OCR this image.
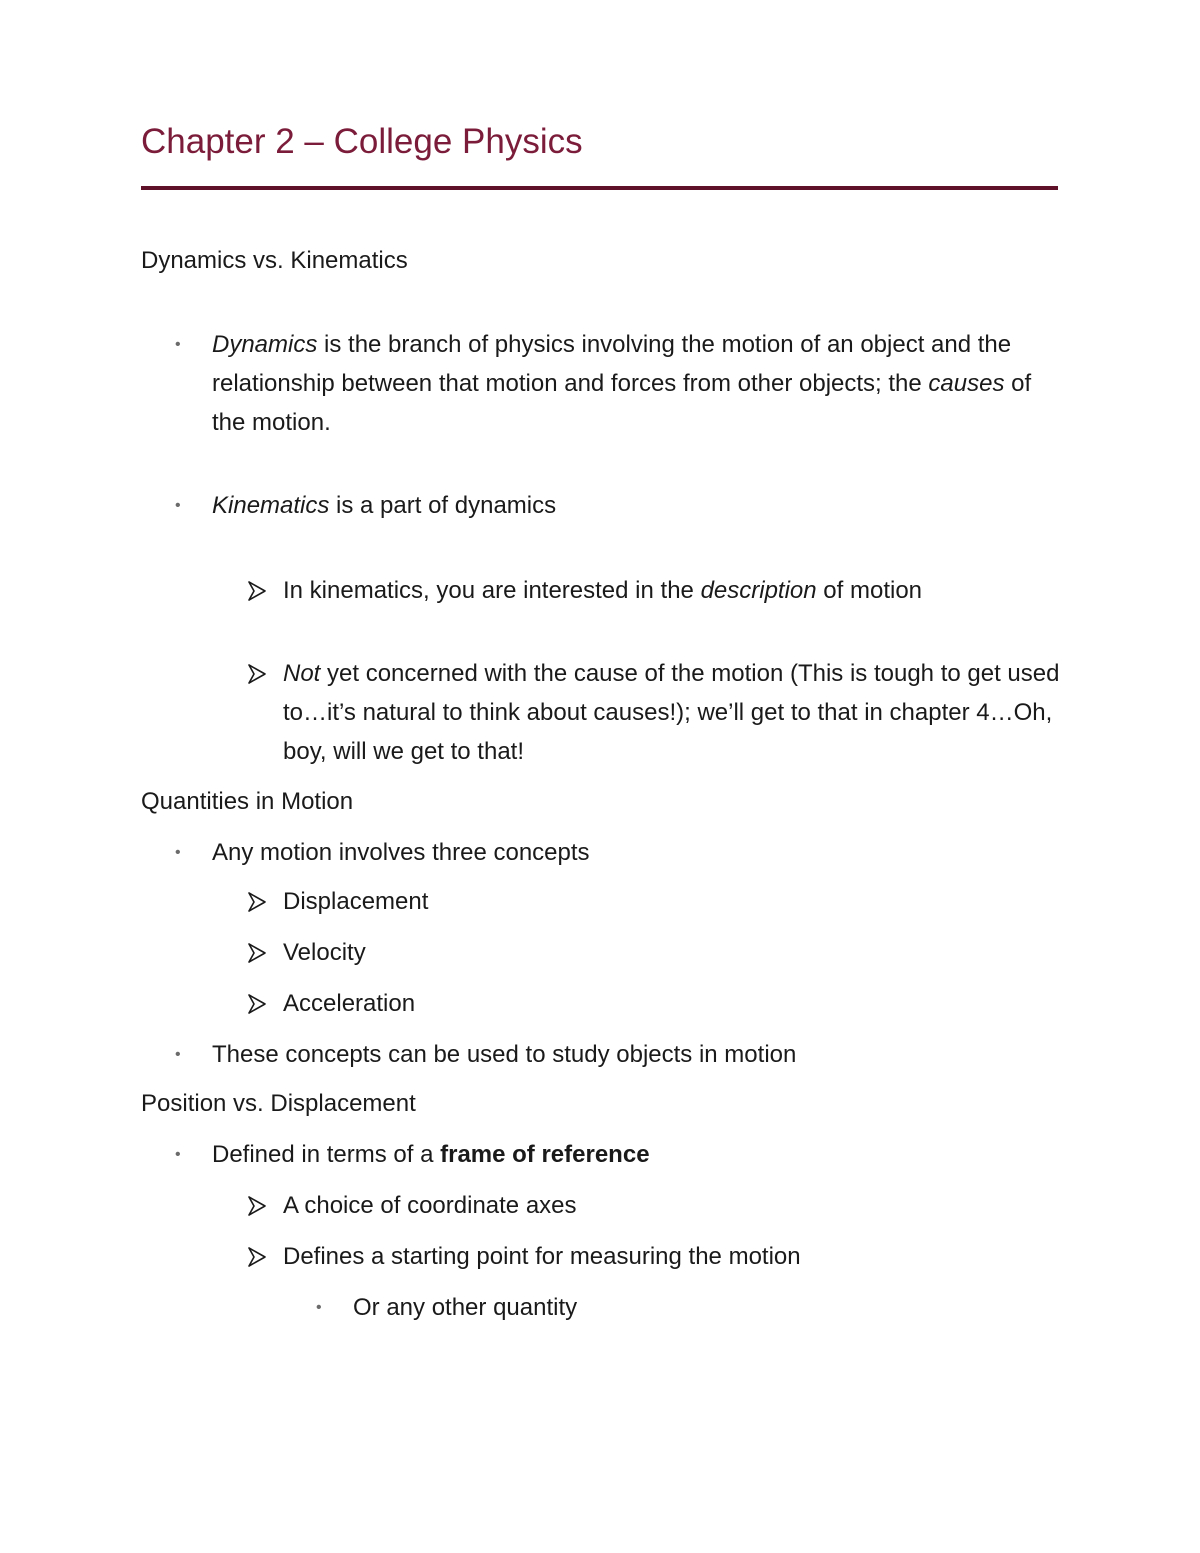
Chapter 2 – College Physics
Dynamics vs. Kinematics
• Dynamics is the branch of physics involving the motion of an object and the relationship between that motion and forces from other objects; the causes of the motion.
• Kinematics is a part of dynamics
In kinematics, you are interested in the description of motion
Not yet concerned with the cause of the motion (This is tough to get used to…it’s natural to think about causes!); we’ll get to that in chapter 4…Oh, boy, will we get to that!
Quantities in Motion
• Any motion involves three concepts
Displacement
Velocity
Acceleration
• These concepts can be used to study objects in motion
Position vs. Displacement
• Defined in terms of a frame of reference
A choice of coordinate axes
Defines a starting point for measuring the motion
• Or any other quantity
